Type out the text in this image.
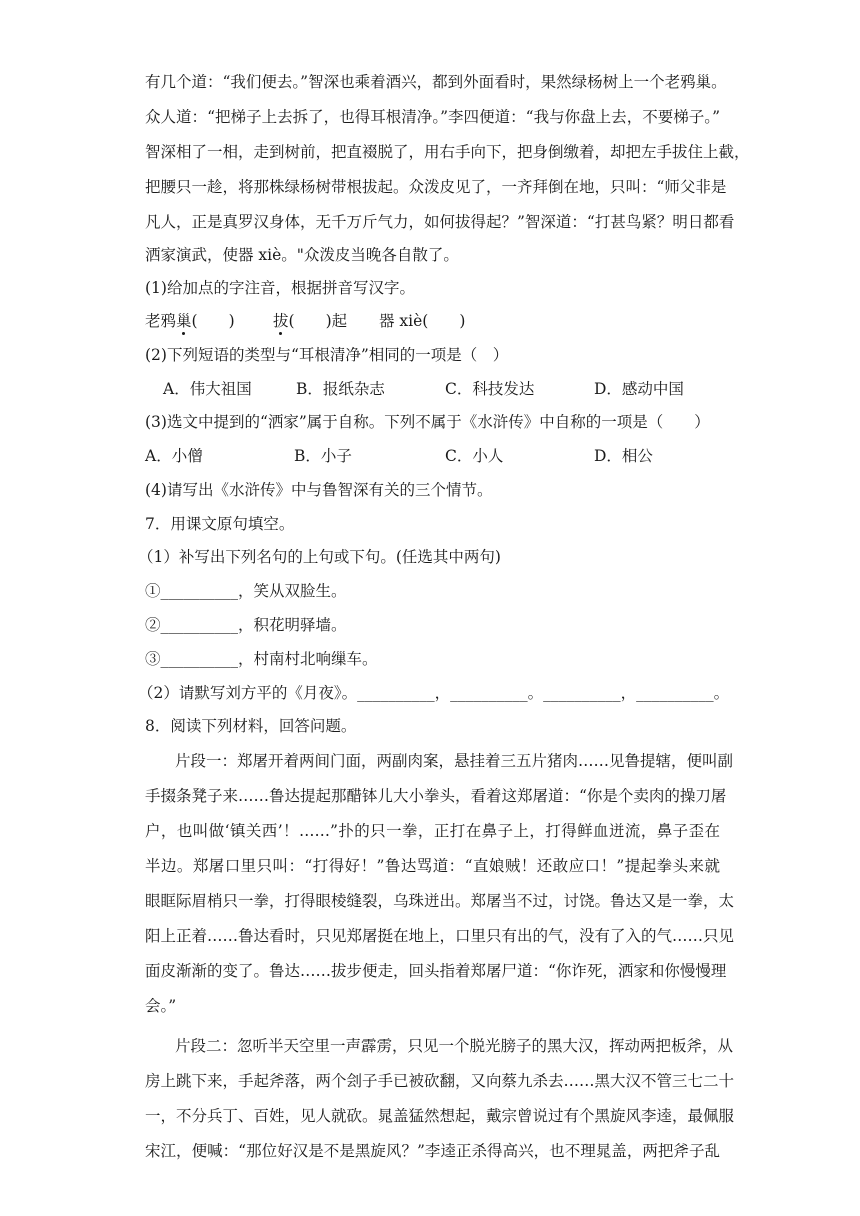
有几个道：“我们便去。”智深也乘着酒兴，都到外面看时，果然绿杨树上一个老鸦巢。
众人道：“把梯子上去拆了，也得耳根清净。”李四便道：“我与你盘上去，不要梯子。”
智深相了一相，走到树前，把直裰脱了，用右手向下，把身倒缴着，却把左手拔住上截，
把腰只一趁，将那株绿杨树带根拔起。众泼皮见了，一齐拜倒在地，只叫：“师父非是
凡人，正是真罗汉身体，无千万斤气力，如何拔得起？”智深道：“打甚鸟紧？明日都看
洒家演武，使器 xiè。"众泼皮当晚各自散了。
(1)给加点的字注音，根据拼音写汉字。
老鸦巢(　　) 拔(　　)起 器 xiè(　　)
(2)下列短语的类型与“耳根清净”相同的一项是（　）
A．伟大祖国	B．报纸杂志	C．科技发达	D．感动中国
(3)选文中提到的“洒家”属于自称。下列不属于《水浒传》中自称的一项是（　　）
A．小僧	B．小子	C．小人	D．相公
(4)请写出《水浒传》中与鲁智深有关的三个情节。
7．用课文原句填空。
（1）补写出下列名句的上句或下句。(任选其中两句)
①__________，笑从双脸生。
②__________，积花明驿墙。
③__________，村南村北响缫车。
（2）请默写刘方平的《月夜》。__________，__________。__________，__________。
8．阅读下列材料，回答问题。
片段一：郑屠开着两间门面，两副肉案，悬挂着三五片猪肉……见鲁提辖，便叫副
手掇条凳子来……鲁达提起那醋钵儿大小拳头，看着这郑屠道：“你是个卖肉的操刀屠
户，也叫做‘镇关西’！……”扑的只一拳，正打在鼻子上，打得鲜血迸流，鼻子歪在
半边。郑屠口里只叫：“打得好！”鲁达骂道：“直娘贼！还敢应口！”提起拳头来就
眼眶际眉梢只一拳，打得眼棱缝裂，乌珠迸出。郑屠当不过，讨饶。鲁达又是一拳，太
阳上正着……鲁达看时，只见郑屠挺在地上，口里只有出的气，没有了入的气……只见
面皮渐渐的变了。鲁达……拔步便走，回头指着郑屠尸道：“你诈死，洒家和你慢慢理
会。”
片段二：忽听半天空里一声霹雳，只见一个脱光膀子的黑大汉，挥动两把板斧，从
房上跳下来，手起斧落，两个刽子手已被砍翻，又向蔡九杀去……黑大汉不管三七二十
一，不分兵丁、百姓，见人就砍。晁盖猛然想起，戴宗曾说过有个黑旋风李逵，最佩服
宋江，便喊：“那位好汉是不是黑旋风？”李逵正杀得高兴，也不理晁盖，两把斧子乱
